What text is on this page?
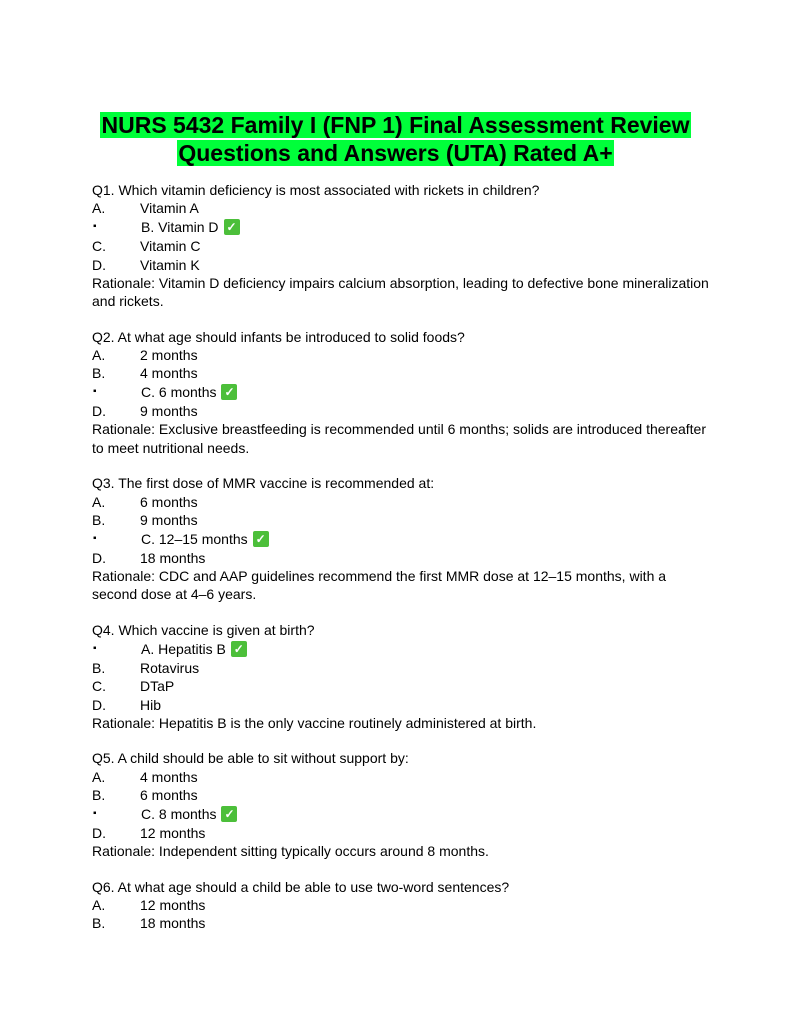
NURS 5432 Family I (FNP 1) Final Assessment Review
Questions and Answers (UTA) Rated A+
Q1. Which vitamin deficiency is most associated with rickets in children?
A.	Vitamin A
▪	B. Vitamin D ✓
C.	Vitamin C
D.	Vitamin K
Rationale: Vitamin D deficiency impairs calcium absorption, leading to defective bone mineralization and rickets.
Q2. At what age should infants be introduced to solid foods?
A.	2 months
B.	4 months
▪	C. 6 months ✓
D.	9 months
Rationale: Exclusive breastfeeding is recommended until 6 months; solids are introduced thereafter to meet nutritional needs.
Q3. The first dose of MMR vaccine is recommended at:
A.	6 months
B.	9 months
▪	C. 12–15 months ✓
D.	18 months
Rationale: CDC and AAP guidelines recommend the first MMR dose at 12–15 months, with a second dose at 4–6 years.
Q4. Which vaccine is given at birth?
▪	A. Hepatitis B ✓
B.	Rotavirus
C.	DTaP
D.	Hib
Rationale: Hepatitis B is the only vaccine routinely administered at birth.
Q5. A child should be able to sit without support by:
A.	4 months
B.	6 months
▪	C. 8 months ✓
D.	12 months
Rationale: Independent sitting typically occurs around 8 months.
Q6. At what age should a child be able to use two-word sentences?
A.	12 months
B.	18 months
